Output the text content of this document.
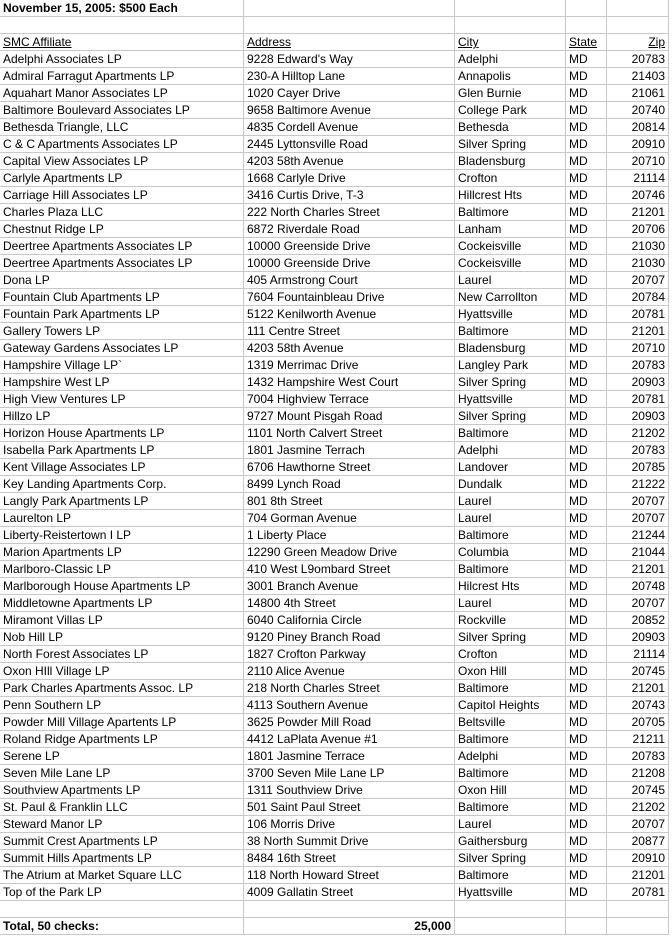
November 15, 2005: $500 Each
SMC Affiliate	Address	City	State	Zip
Adelphi Associates LP	9228 Edward's Way	Adelphi	MD	20783
Admiral Farragut Apartments LP	230-A Hilltop Lane	Annapolis	MD	21403
Aquahart Manor Associates LP	1020 Cayer Drive	Glen Burnie	MD	21061
Baltimore Boulevard Associates LP	9658 Baltimore Avenue	College Park	MD	20740
Bethesda Triangle, LLC	4835 Cordell Avenue	Bethesda	MD	20814
C & C Apartments Associates LP	2445 Lyttonsville Road	Silver Spring	MD	20910
Capital View Associates LP	4203 58th Avenue	Bladensburg	MD	20710
Carlyle Apartments LP	1668 Carlyle Drive	Crofton	MD	21114
Carriage Hill Associates LP	3416 Curtis Drive, T-3	Hillcrest Hts	MD	20746
Charles Plaza LLC	222 North Charles Street	Baltimore	MD	21201
Chestnut Ridge LP	6872 Riverdale Road	Lanham	MD	20706
Deertree Apartments Associates LP	10000 Greenside Drive	Cockeisville	MD	21030
Deertree Apartments Associates LP	10000 Greenside Drive	Cockeisville	MD	21030
Dona LP	405 Armstrong Court	Laurel	MD	20707
Fountain Club Apartments LP	7604 Fountainbleau Drive	New Carrollton	MD	20784
Fountain Park Apartments LP	5122 Kenilworth Avenue	Hyattsville	MD	20781
Gallery Towers LP	111 Centre Street	Baltimore	MD	21201
Gateway Gardens Associates LP	4203 58th Avenue	Bladensburg	MD	20710
Hampshire Village LP`	1319 Merrimac Drive	Langley Park	MD	20783
Hampshire West LP	1432 Hampshire West Court	Silver Spring	MD	20903
High View Ventures LP	7004 Highview Terrace	Hyattsville	MD	20781
Hillzo LP	9727 Mount Pisgah Road	Silver Spring	MD	20903
Horizon House Apartments LP	1101 North Calvert Street	Baltimore	MD	21202
Isabella Park Apartments LP	1801 Jasmine Terrach	Adelphi	MD	20783
Kent Village Associates LP	6706 Hawthorne Street	Landover	MD	20785
Key Landing Apartments Corp.	8499 Lynch Road	Dundalk	MD	21222
Langly Park Apartments LP	801 8th Street	Laurel	MD	20707
Laurelton LP	704 Gorman Avenue	Laurel	MD	20707
Liberty-Reistertown I LP	1 Liberty Place	Baltimore	MD	21244
Marion Apartments LP	12290 Green Meadow Drive	Columbia	MD	21044
Marlboro-Classic LP	410 West L9ombard Street	Baltimore	MD	21201
Marlborough House Apartments LP	3001 Branch Avenue	Hilcrest Hts	MD	20748
Middletowne Apartments LP	14800 4th Street	Laurel	MD	20707
Miramont Villas LP	6040 California Circle	Rockville	MD	20852
Nob Hill LP	9120 Piney Branch Road	Silver Spring	MD	20903
North Forest Associates LP	1827 Crofton Parkway	Crofton	MD	21114
Oxon HIll Village LP	2110 Alice Avenue	Oxon Hill	MD	20745
Park Charles Apartments Assoc. LP	218 North Charles Street	Baltimore	MD	21201
Penn Southern LP	4113 Southern Avenue	Capitol Heights	MD	20743
Powder Mill Village Apartents LP	3625 Powder Mill Road	Beltsville	MD	20705
Roland Ridge Apartments LP	4412 LaPlata Avenue #1	Baltimore	MD	21211
Serene LP	1801 Jasmine Terrace	Adelphi	MD	20783
Seven Mile Lane LP	3700 Seven Mile Lane LP	Baltimore	MD	21208
Southview Apartments LP	1311 Southview Drive	Oxon Hill	MD	20745
St. Paul & Franklin LLC	501 Saint Paul Street	Baltimore	MD	21202
Steward Manor LP	106 Morris Drive	Laurel	MD	20707
Summit Crest Apartments LP	38 North Summit Drive	Gaithersburg	MD	20877
Summit Hills Apartments LP	8484 16th Street	Silver Spring	MD	20910
The Atrium at Market Square LLC	118 North Howard Street	Baltimore	MD	21201
Top of the Park LP	4009 Gallatin Street	Hyattsville	MD	20781
Total, 50 checks:	25,000
